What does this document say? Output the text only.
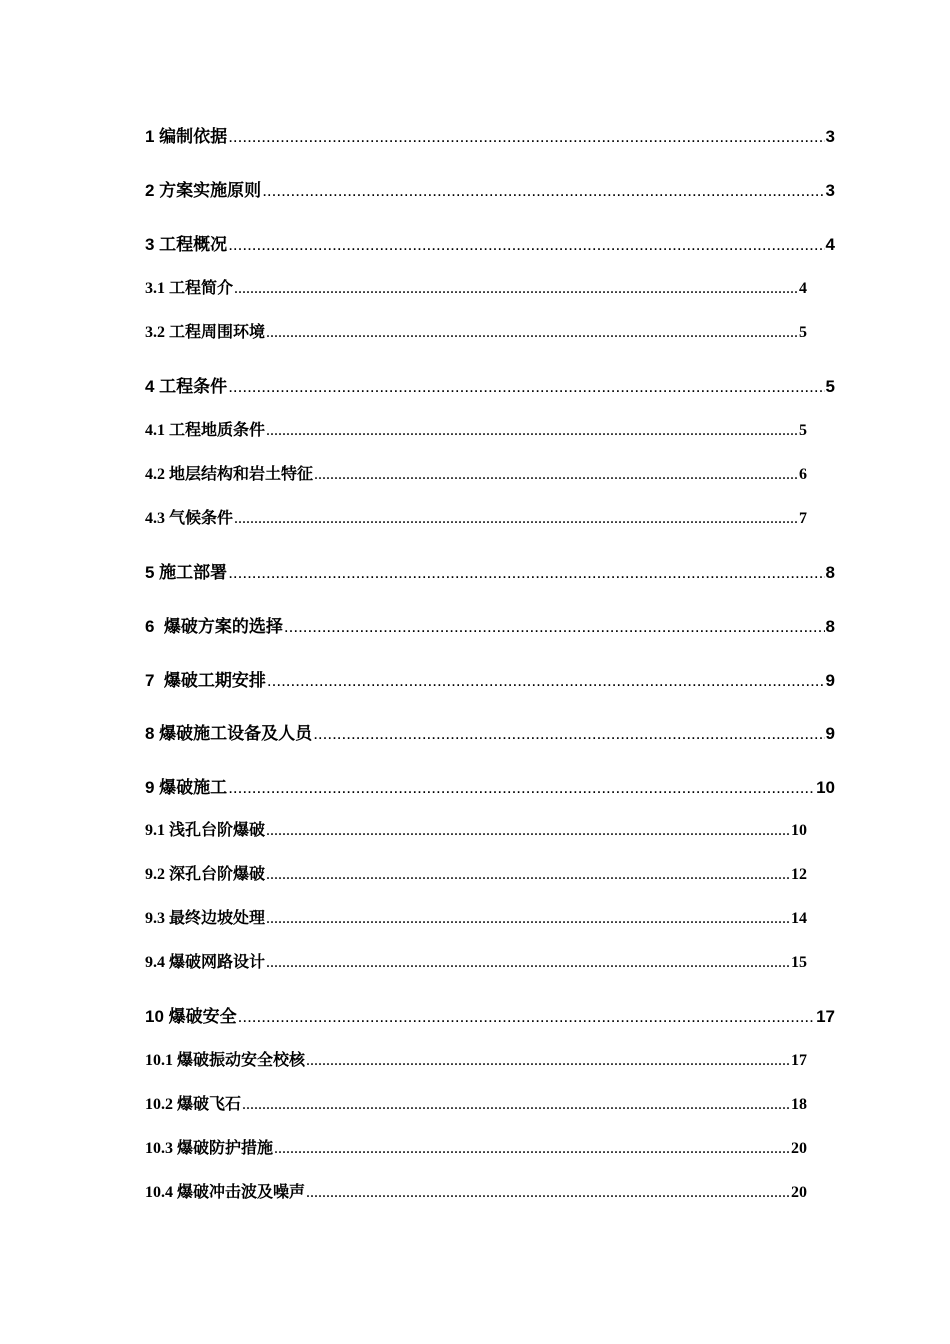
1 编制依据 .....	3
2 方案实施原则 .....	3
3 工程概况 .....	4
3.1 工程简介 .....	4
3.2 工程周围环境 .....	5
4 工程条件 .....	5
4.1 工程地质条件 .....	5
4.2 地层结构和岩土特征 .....	6
4.3 气候条件 .....	7
5 施工部署 .....	8
6  爆破方案的选择 .....	8
7  爆破工期安排 .....	9
8 爆破施工设备及人员 .....	9
9 爆破施工 .....	10
9.1 浅孔台阶爆破 .....	10
9.2 深孔台阶爆破 .....	12
9.3 最终边坡处理 .....	14
9.4 爆破网路设计 .....	15
10 爆破安全 .....	17
10.1 爆破振动安全校核 .....	17
10.2 爆破飞石 .....	18
10.3 爆破防护措施 .....	20
10.4 爆破冲击波及噪声 .....	20
